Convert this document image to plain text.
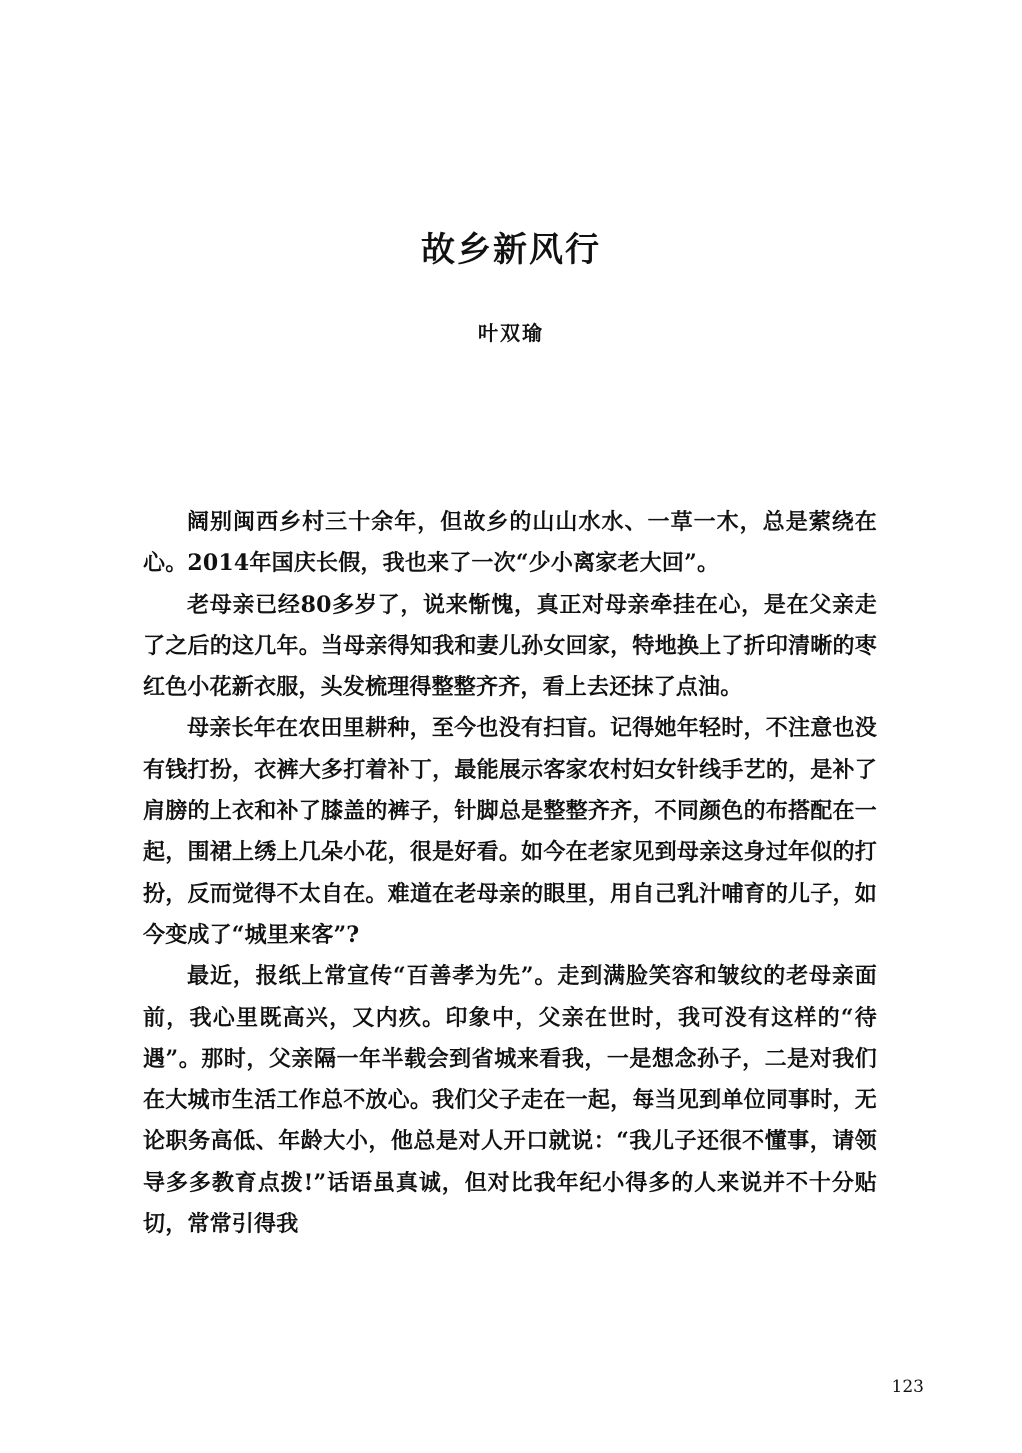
故乡新风行
叶双瑜

阔别闽西乡村三十余年，但故乡的山山水水、一草一木，总是萦绕在心。2014年国庆长假，我也来了一次“少小离家老大回”。

老母亲已经80多岁了，说来惭愧，真正对母亲牵挂在心，是在父亲走了之后的这几年。当母亲得知我和妻儿孙女回家，特地换上了折印清晰的枣红色小花新衣服，头发梳理得整整齐齐，看上去还抹了点油。

母亲长年在农田里耕种，至今也没有扫盲。记得她年轻时，不注意也没有钱打扮，衣裤大多打着补丁，最能展示客家农村妇女针线手艺的，是补了肩膀的上衣和补了膝盖的裤子，针脚总是整整齐齐，不同颜色的布搭配在一起，围裙上绣上几朵小花，很是好看。如今在老家见到母亲这身过年似的打扮，反而觉得不太自在。难道在老母亲的眼里，用自己乳汁哺育的儿子，如今变成了“城里来客”?

最近，报纸上常宣传“百善孝为先”。走到满脸笑容和皱纹的老母亲面前，我心里既高兴，又内疚。印象中，父亲在世时，我可没有这样的“待遇”。那时，父亲隔一年半载会到省城来看我，一是想念孙子，二是对我们在大城市生活工作总不放心。我们父子走在一起，每当见到单位同事时，无论职务高低、年龄大小，他总是对人开口就说：“我儿子还很不懂事，请领导多多教育点拨!”话语虽真诚，但对比我年纪小得多的人来说并不十分贴切，常常引得我

123
